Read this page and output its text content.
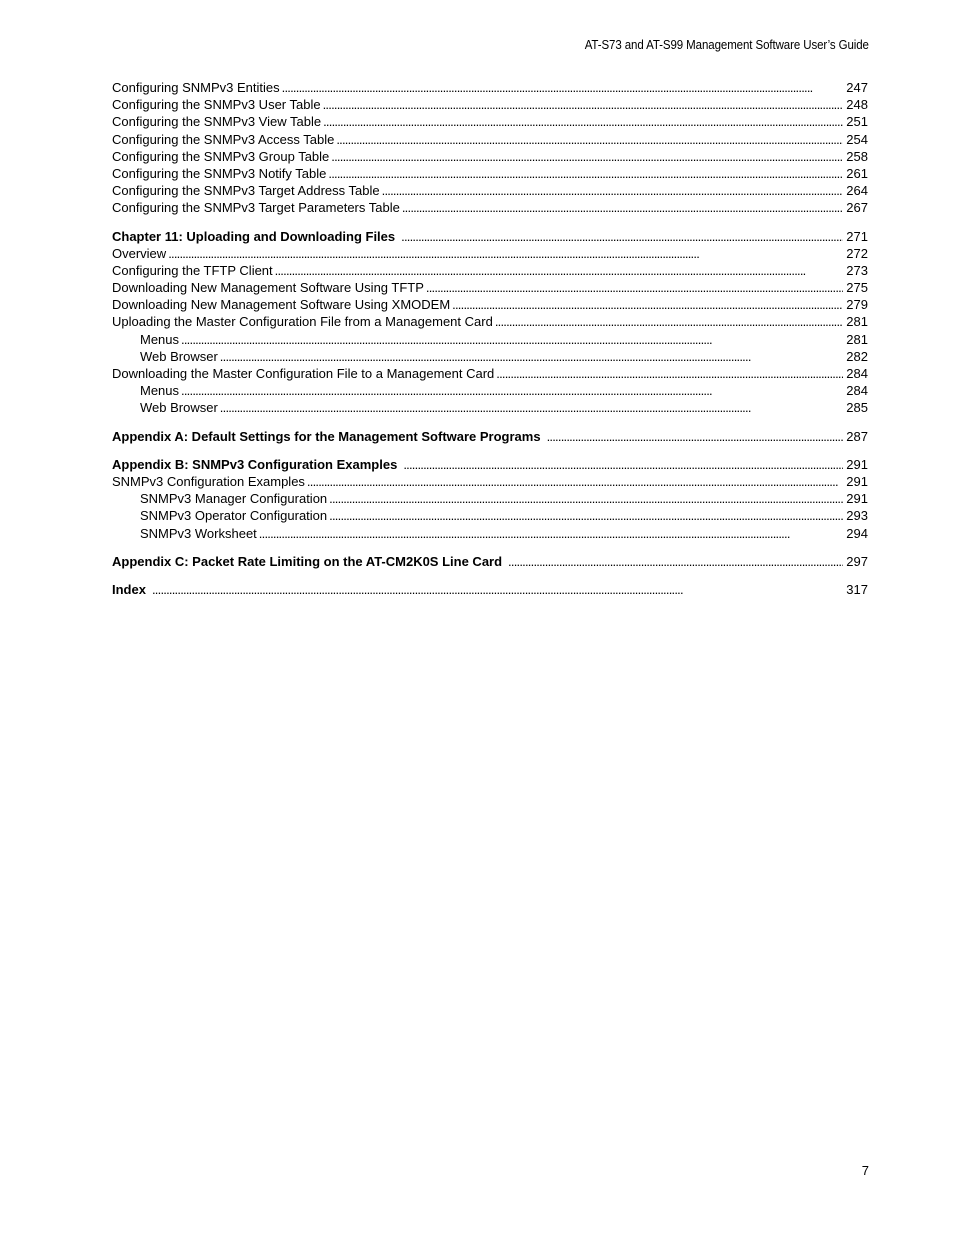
AT-S73 and AT-S99 Management Software User’s Guide
Configuring SNMPv3 Entities . . .	247
Configuring the SNMPv3 User Table . . .	248
Configuring the SNMPv3 View Table . . .	251
Configuring the SNMPv3 Access Table . . .	254
Configuring the SNMPv3 Group Table . . .	258
Configuring the SNMPv3 Notify Table . . .	261
Configuring the SNMPv3 Target Address Table . . .	264
Configuring the SNMPv3 Target Parameters Table . . .	267
Chapter 11: Uploading and Downloading Files . . .	271
Overview . . .	272
Configuring the TFTP Client . . .	273
Downloading New Management Software Using TFTP . . .	275
Downloading New Management Software Using XMODEM . . .	279
Uploading the Master Configuration File from a Management Card . . .	281
Menus . . .	281
Web Browser . . .	282
Downloading the Master Configuration File to a Management Card . . .	284
Menus . . .	284
Web Browser . . .	285
Appendix A: Default Settings for the Management Software Programs . . .	287
Appendix B: SNMPv3 Configuration Examples . . .	291
SNMPv3 Configuration Examples . . .	291
SNMPv3 Manager Configuration . . .	291
SNMPv3 Operator Configuration . . .	293
SNMPv3 Worksheet . . .	294
Appendix C: Packet Rate Limiting on the AT-CM2K0S Line Card . . .	297
Index . . .	317
7
